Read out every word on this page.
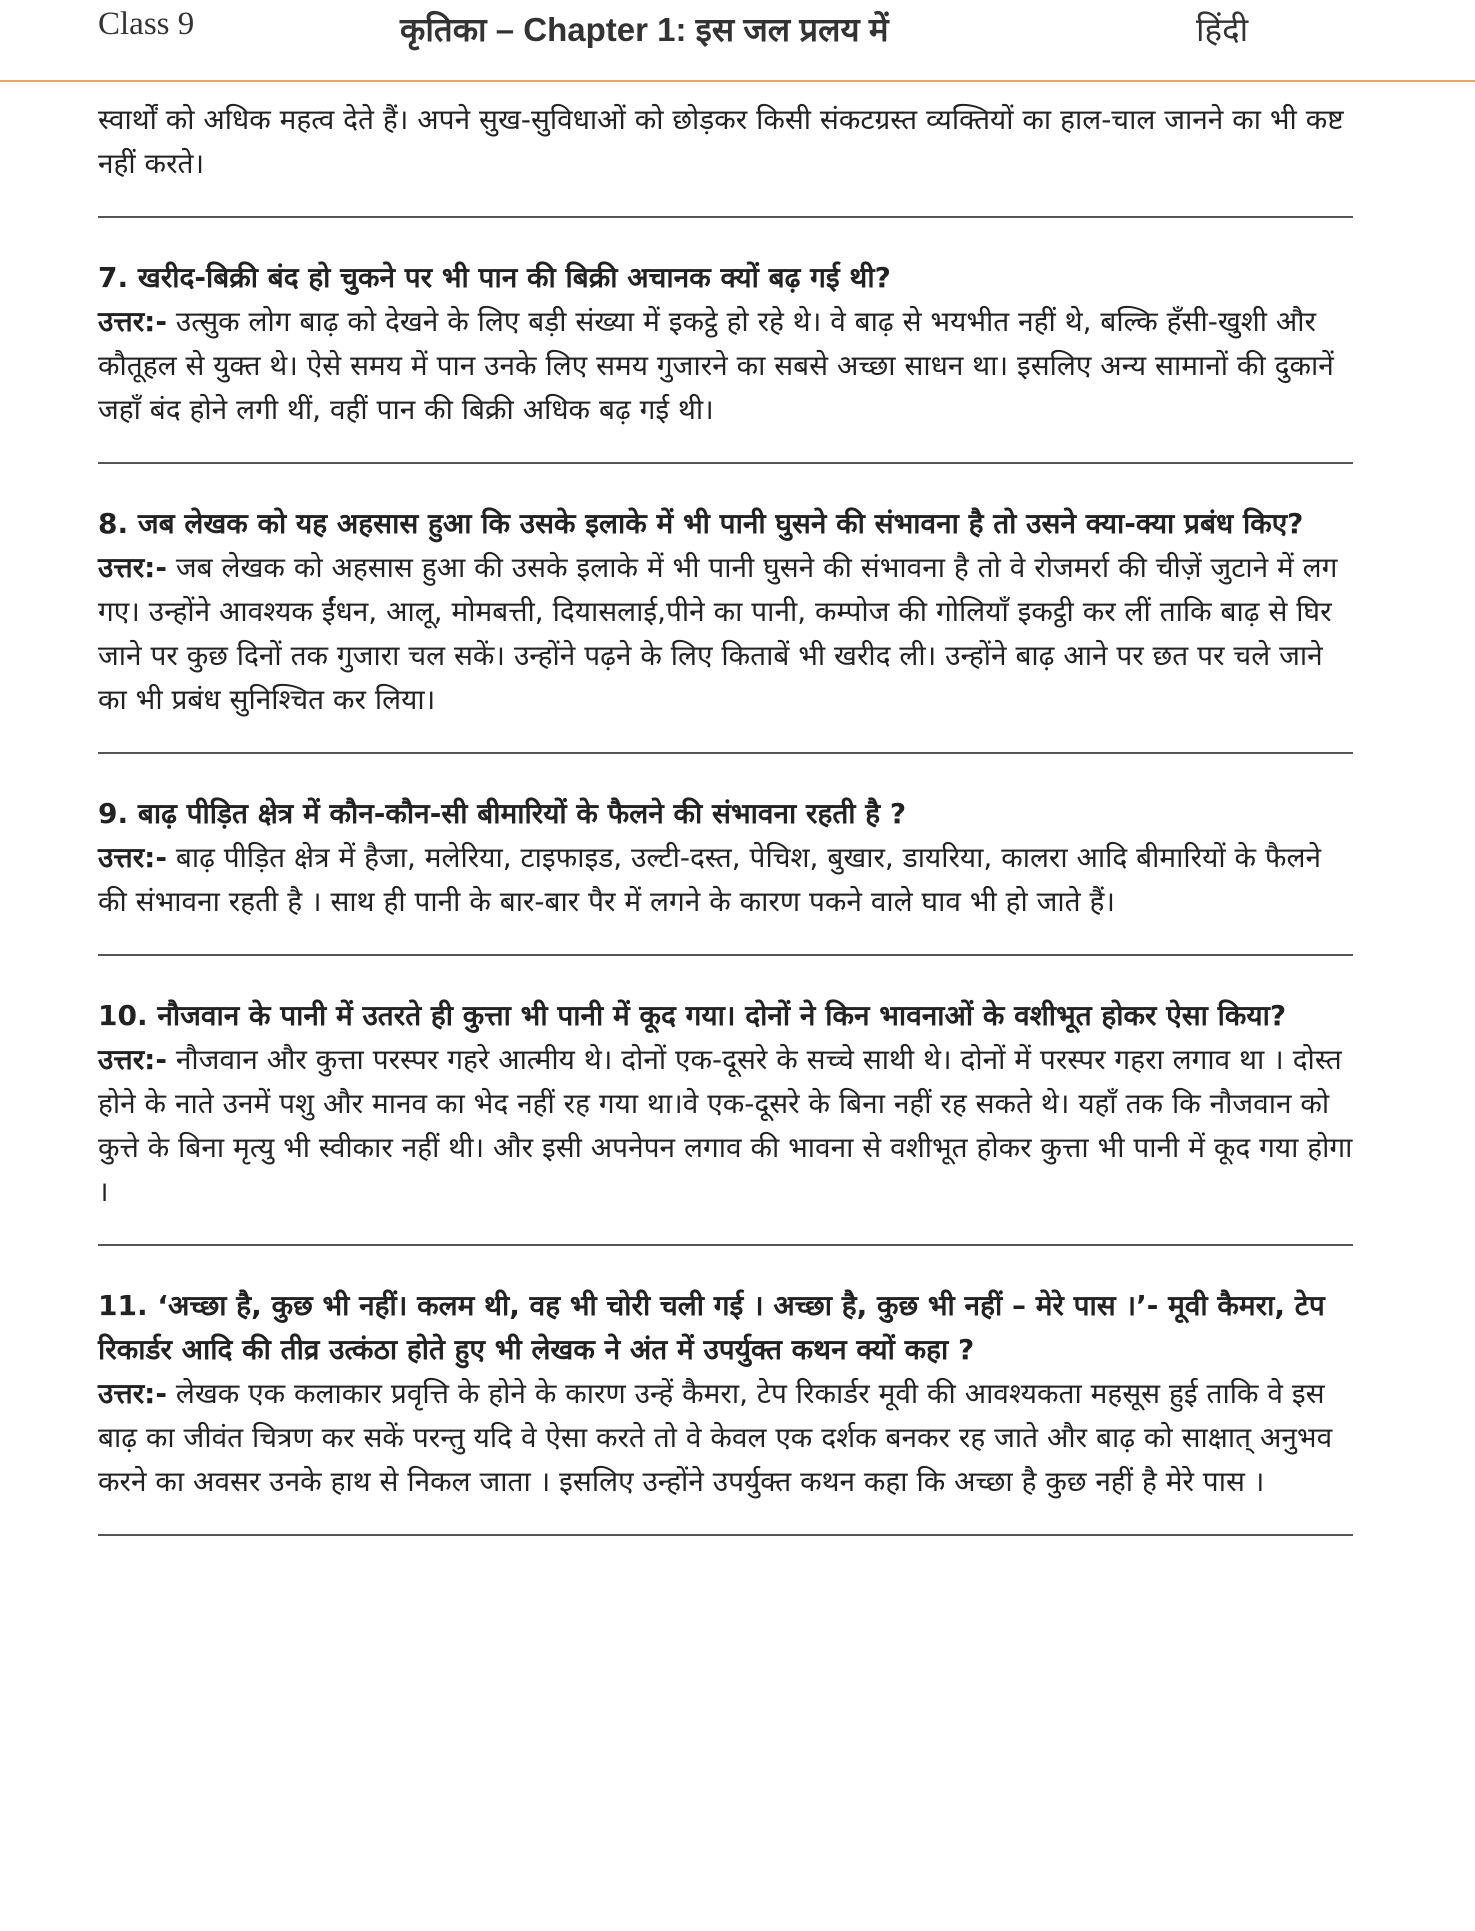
Class 9	कृतिका – Chapter 1: इस जल प्रलय में	हिंदी

स्वार्थों को अधिक महत्व देते हैं। अपने सुख-सुविधाओं को छोड़कर किसी संकटग्रस्त व्यक्तियों का हाल-चाल जानने का भी कष्ट नहीं करते।

7. खरीद-बिक्री बंद हो चुकने पर भी पान की बिक्री अचानक क्यों बढ़ गई थी?

उत्तर:- उत्सुक लोग बाढ़ को देखने के लिए बड़ी संख्या में इकट्ठे हो रहे थे। वे बाढ़ से भयभीत नहीं थे, बल्कि हँसी-खुशी और कौतूहल से युक्त थे। ऐसे समय में पान उनके लिए समय गुजारने का सबसे अच्छा साधन था। इसलिए अन्य सामानों की दुकानें जहाँ बंद होने लगी थीं, वहीं पान की बिक्री अधिक बढ़ गई थी।

8. जब लेखक को यह अहसास हुआ कि उसके इलाके में भी पानी घुसने की संभावना है तो उसने क्या-क्या प्रबंध किए?

उत्तर:- जब लेखक को अहसास हुआ की उसके इलाके में भी पानी घुसने की संभावना है तो वे रोजमर्रा की चीज़ें जुटाने में लग गए। उन्होंने आवश्यक ईंधन, आलू, मोमबत्ती, दियासलाई,पीने का पानी, कम्पोज की गोलियाँ इकट्ठी कर लीं ताकि बाढ़ से घिर जाने पर कुछ दिनों तक गुजारा चल सकें। उन्होंने पढ़ने के लिए किताबें भी खरीद ली। उन्होंने बाढ़ आने पर छत पर चले जाने का भी प्रबंध सुनिश्चित कर लिया।

9. बाढ़ पीड़ित क्षेत्र में कौन-कौन-सी बीमारियों के फैलने की संभावना रहती है ?

उत्तर:- बाढ़ पीड़ित क्षेत्र में हैजा, मलेरिया, टाइफाइड, उल्टी-दस्त, पेचिश, बुखार, डायरिया, कालरा आदि बीमारियों के फैलने की संभावना रहती है । साथ ही पानी के बार-बार पैर में लगने के कारण पकने वाले घाव भी हो जाते हैं।

10. नौजवान के पानी में उतरते ही कुत्ता भी पानी में कूद गया। दोनों ने किन भावनाओं के वशीभूत होकर ऐसा किया?

उत्तर:- नौजवान और कुत्ता परस्पर गहरे आत्मीय थे। दोनों एक-दूसरे के सच्चे साथी थे। दोनों में परस्पर गहरा लगाव था । दोस्त होने के नाते उनमें पशु और मानव का भेद नहीं रह गया था।वे एक-दूसरे के बिना नहीं रह सकते थे। यहाँ तक कि नौजवान को कुत्ते के बिना मृत्यु भी स्वीकार नहीं थी। और इसी अपनेपन लगाव की भावना से वशीभूत होकर कुत्ता भी पानी में कूद गया होगा ।

11. ‘अच्छा है, कुछ भी नहीं। कलम थी, वह भी चोरी चली गई । अच्छा है, कुछ भी नहीं – मेरे पास ।’- मूवी कैमरा, टेप रिकार्डर आदि की तीव्र उत्कंठा होते हुए भी लेखक ने अंत में उपर्युक्त कथन क्यों कहा ?

उत्तर:- लेखक एक कलाकार प्रवृत्ति के होने के कारण उन्हें कैमरा, टेप रिकार्डर मूवी की आवश्यकता महसूस हुई ताकि वे इस बाढ़ का जीवंत चित्रण कर सकें परन्तु यदि वे ऐसा करते तो वे केवल एक दर्शक बनकर रह जाते और बाढ़ को साक्षात् अनुभव करने का अवसर उनके हाथ से निकल जाता । इसलिए उन्होंने उपर्युक्त कथन कहा कि अच्छा है कुछ नहीं है मेरे पास ।
